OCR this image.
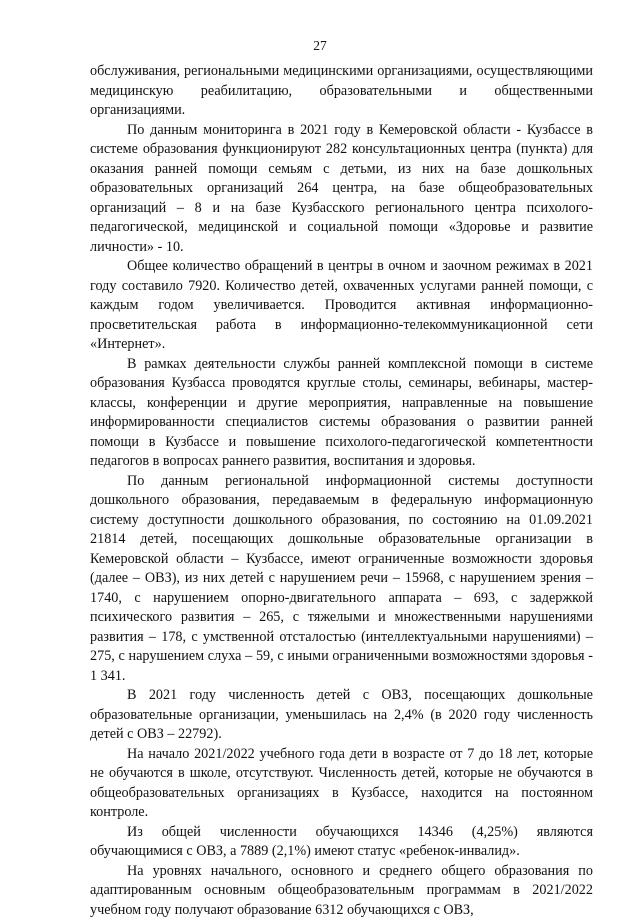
27

обслуживания, региональными медицинскими организациями, осуществляющими медицинскую реабилитацию, образовательными и общественными организациями.

По данным мониторинга в 2021 году в Кемеровской области - Кузбассе в системе образования функционируют 282 консультационных центра (пункта) для оказания ранней помощи семьям с детьми, из них на базе дошкольных образовательных организаций 264 центра, на базе общеобразовательных организаций – 8 и на базе Кузбасского регионального центра психолого-педагогической, медицинской и социальной помощи «Здоровье и развитие личности» - 10.

Общее количество обращений в центры в очном и заочном режимах в 2021 году составило 7920. Количество детей, охваченных услугами ранней помощи, с каждым годом увеличивается. Проводится активная информационно-просветительская работа в информационно-телекоммуникационной сети «Интернет».

В рамках деятельности службы ранней комплексной помощи в системе образования Кузбасса проводятся круглые столы, семинары, вебинары, мастер-классы, конференции и другие мероприятия, направленные на повышение информированности специалистов системы образования о развитии ранней помощи в Кузбассе и повышение психолого-педагогической компетентности педагогов в вопросах раннего развития, воспитания и здоровья.

По данным региональной информационной системы доступности дошкольного образования, передаваемым в федеральную информационную систему доступности дошкольного образования, по состоянию на 01.09.2021 21814 детей, посещающих дошкольные образовательные организации в Кемеровской области – Кузбассе, имеют ограниченные возможности здоровья (далее – ОВЗ), из них детей с нарушением речи – 15968, с нарушением зрения – 1740, с нарушением опорно-двигательного аппарата – 693, с задержкой психического развития – 265, с тяжелыми и множественными нарушениями развития – 178, с умственной отсталостью (интеллектуальными нарушениями) – 275, с нарушением слуха – 59, с иными ограниченными возможностями здоровья - 1 341.

В 2021 году численность детей с ОВЗ, посещающих дошкольные образовательные организации, уменьшилась на 2,4% (в 2020 году численность детей с ОВЗ – 22792).

На начало 2021/2022 учебного года дети в возрасте от 7 до 18 лет, которые не обучаются в школе, отсутствуют. Численность детей, которые не обучаются в общеобразовательных организациях в Кузбассе, находится на постоянном контроле.

Из общей численности обучающихся 14346 (4,25%) являются обучающимися с ОВЗ, а 7889 (2,1%) имеют статус «ребенок-инвалид».

На уровнях начального, основного и среднего общего образования по адаптированным основным общеобразовательным программам в 2021/2022 учебном году получают образование 6312 обучающихся с ОВЗ,
